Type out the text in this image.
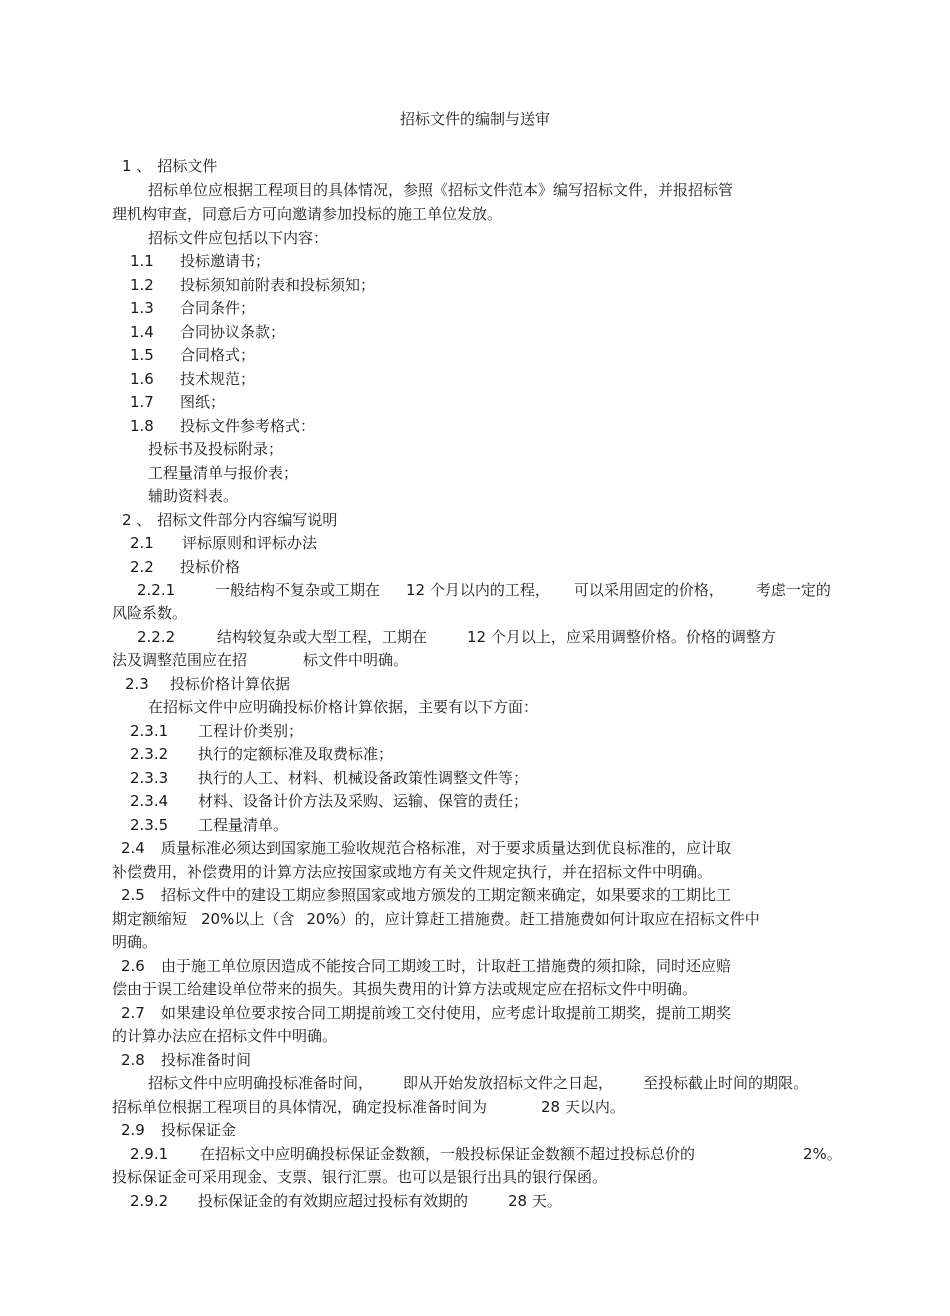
招标文件的编制与送审
1 、 招标文件
招标单位应根据工程项目的具体情况，参照《招标文件范本》编写招标文件，并报招标管
理机构审查，同意后方可向邀请参加投标的施工单位发放。
招标文件应包括以下内容：
1.1 投标邀请书；
1.2 投标须知前附表和投标须知；
1.3 合同条件；
1.4 合同协议条款；
1.5 合同格式；
1.6 技术规范；
1.7 图纸；
1.8 投标文件参考格式：
投标书及投标附录；
工程量清单与报价表；
辅助资料表。
2 、 招标文件部分内容编写说明
2.1 评标原则和评标办法
2.2 投标价格
2.2.1	一般结构不复杂或工期在 12 个月以内的工程， 可以采用固定的价格， 考虑一定的
风险系数。
2.2.2	结构较复杂或大型工程，工期在	12 个月以上，应采用调整价格。价格的调整方
法及调整范围应在招	标文件中明确。
2.3 投标价格计算依据
在招标文件中应明确投标价格计算依据，主要有以下方面：
2.3.1 工程计价类别；
2.3.2 执行的定额标准及取费标准；
2.3.3 执行的人工、材料、机械设备政策性调整文件等；
2.3.4 材料、设备计价方法及采购、运输、保管的责任；
2.3.5 工程量清单。
2.4 质量标准必须达到国家施工验收规范合格标准，对于要求质量达到优良标准的，应计取
补偿费用，补偿费用的计算方法应按国家或地方有关文件规定执行，并在招标文件中明确。
2.5 招标文件中的建设工期应参照国家或地方颁发的工期定额来确定，如果要求的工期比工
期定额缩短 20%以上（含 20%）的，应计算赶工措施费。赶工措施费如何计取应在招标文件中
明确。
2.6 由于施工单位原因造成不能按合同工期竣工时，计取赶工措施费的须扣除，同时还应赔
偿由于误工给建设单位带来的损失。其损失费用的计算方法或规定应在招标文件中明确。
2.7 如果建设单位要求按合同工期提前竣工交付使用，应考虑计取提前工期奖，提前工期奖
的计算办法应在招标文件中明确。
2.8 投标准备时间
招标文件中应明确投标准备时间， 即从开始发放招标文件之日起， 至投标截止时间的期限。
招标单位根据工程项目的具体情况，确定投标准备时间为	28 天以内。
2.9 投标保证金
2.9.1 在招标文中应明确投标保证金数额，一般投标保证金数额不超过投标总价的	2%。
投标保证金可采用现金、支票、银行汇票。也可以是银行出具的银行保函。
2.9.2 投标保证金的有效期应超过投标有效期的	28 天。
